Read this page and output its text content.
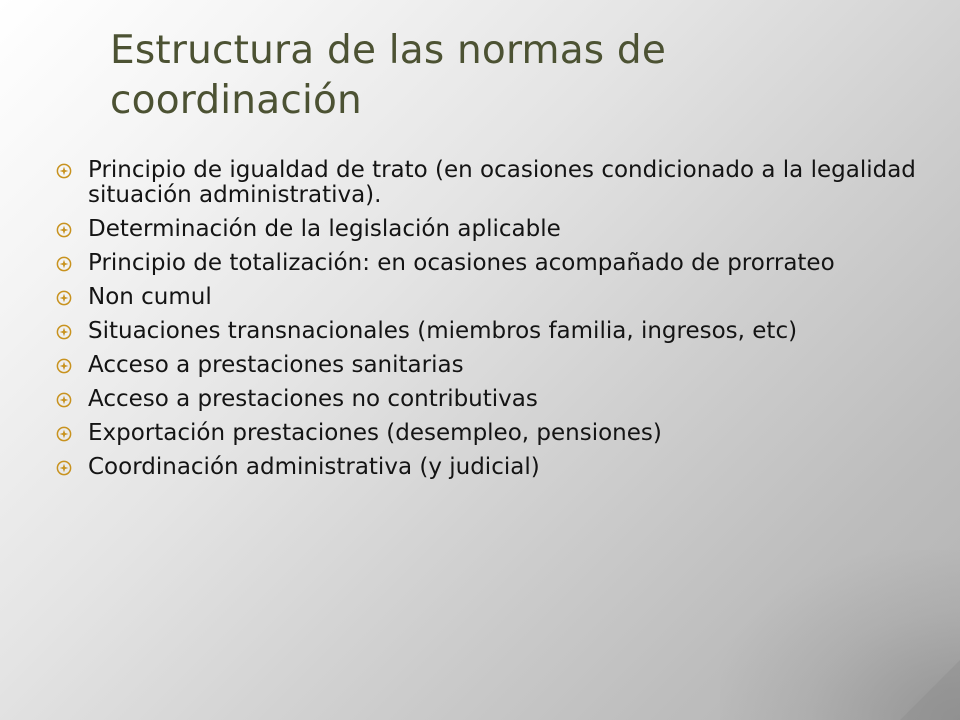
Estructura de las normas de coordinación
Principio de igualdad de trato (en ocasiones condicionado a la legalidad situación administrativa).
Determinación de la legislación aplicable
Principio de totalización: en ocasiones acompañado de prorrateo
Non cumul
Situaciones transnacionales (miembros familia, ingresos, etc)
Acceso a prestaciones sanitarias
Acceso a prestaciones no contributivas
Exportación prestaciones (desempleo, pensiones)
Coordinación administrativa (y judicial)
